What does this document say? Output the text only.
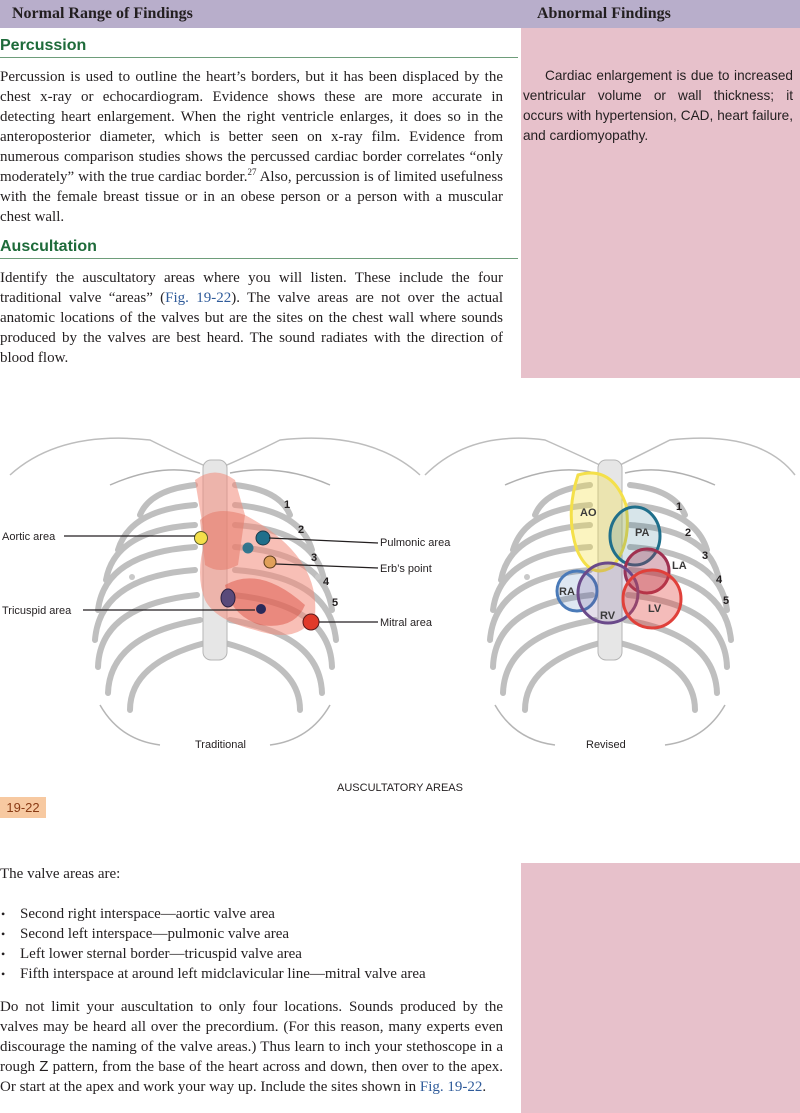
Normal Range of Findings	Abnormal Findings
Cardiac enlargement is due to increased ventricular volume or wall thickness; it occurs with hypertension, CAD, heart failure, and cardiomyopathy.
Percussion

Percussion is used to outline the heart’s borders, but it has been displaced by the chest x-ray or echocardiogram. Evidence shows these are more accurate in detecting heart enlargement. When the right ventricle enlarges, it does so in the anteroposterior diameter, which is better seen on x-ray film. Evidence from numerous comparison studies shows the percussed cardiac border correlates “only moderately” with the true cardiac border.$^{27}$ Also, percussion is of limited usefulness with the female breast tissue or in an obese person or a person with a muscular chest wall.

Auscultation

Identify the auscultatory areas where you will listen. These include the four traditional valve “areas” (Fig. 19-22). The valve areas are not over the actual anatomic locations of the valves but are the sites on the chest wall where sounds produced by the valves are best heard. The sound radiates with the direction of blood flow.

1
2
3
4
5
Aortic area	Pulmonic area
Erb’s point
Tricuspid area
Mitral area
Traditional
AO
PA
LA
RA
RV
LV
1
2
3
4
5
Revised
AUSCULTATORY AREAS
19-22

The valve areas are:

• Second right interspace—aortic valve area
• Second left interspace—pulmonic valve area
• Left lower sternal border—tricuspid valve area
• Fifth interspace at around left midclavicular line—mitral valve area

Do not limit your auscultation to only four locations. Sounds produced by the valves may be heard all over the precordium. (For this reason, many experts even discourage the naming of the valve areas.) Thus learn to inch your stethoscope in a rough Z pattern, from the base of the heart across and down, then over to the apex. Or start at the apex and work your way up. Include the sites shown in Fig. 19-22.
